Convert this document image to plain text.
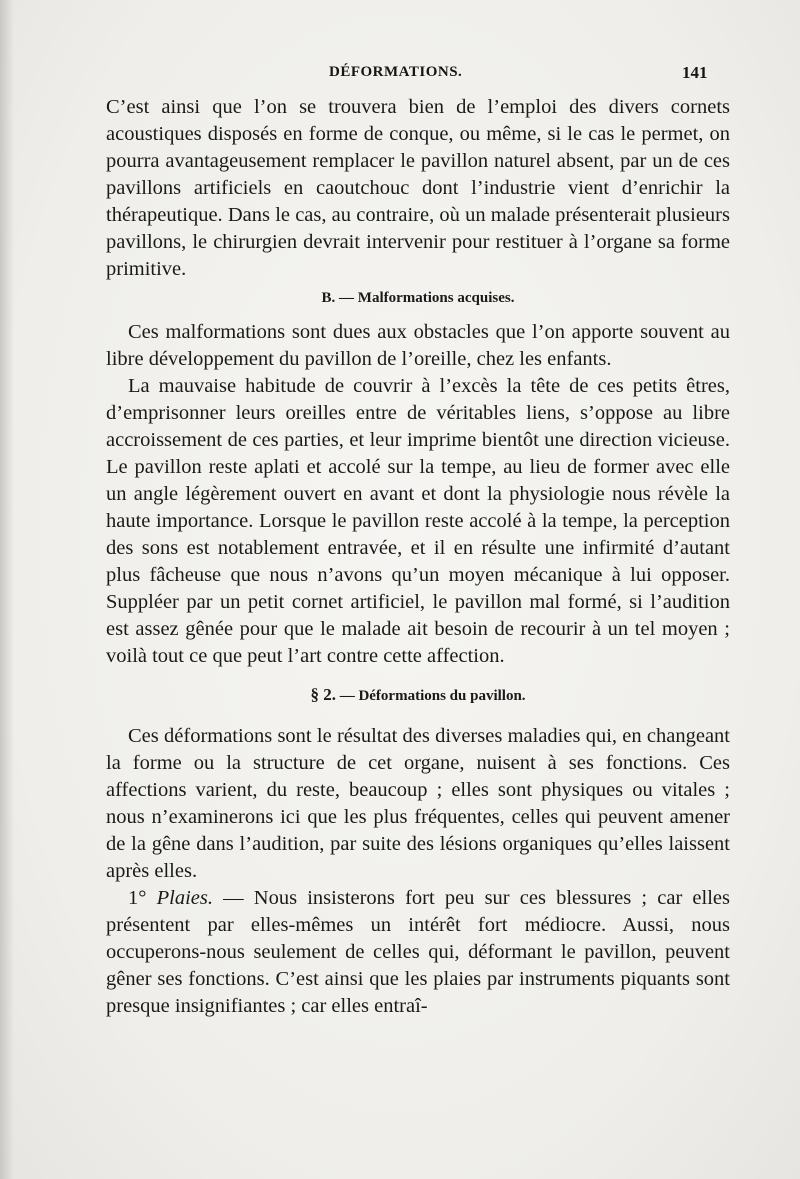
DÉFORMATIONS.	141

C’est ainsi que l’on se trouvera bien de l’emploi des divers cornets acoustiques disposés en forme de conque, ou même, si le cas le permet, on pourra avantageusement remplacer le pavillon naturel absent, par un de ces pavillons artificiels en caoutchouc dont l’industrie vient d’enrichir la thérapeutique. Dans le cas, au contraire, où un malade présenterait plusieurs pavillons, le chirurgien devrait intervenir pour restituer à l’organe sa forme primitive.

B. — Malformations acquises.

Ces malformations sont dues aux obstacles que l’on apporte souvent au libre développement du pavillon de l’oreille, chez les enfants.

La mauvaise habitude de couvrir à l’excès la tête de ces petits êtres, d’emprisonner leurs oreilles entre de véritables liens, s’oppose au libre accroissement de ces parties, et leur imprime bientôt une direction vicieuse. Le pavillon reste aplati et accolé sur la tempe, au lieu de former avec elle un angle légèrement ouvert en avant et dont la physiologie nous révèle la haute importance. Lorsque le pavillon reste accolé à la tempe, la perception des sons est notablement entravée, et il en résulte une infirmité d’autant plus fâcheuse que nous n’avons qu’un moyen mécanique à lui opposer. Suppléer par un petit cornet artificiel, le pavillon mal formé, si l’audition est assez gênée pour que le malade ait besoin de recourir à un tel moyen ; voilà tout ce que peut l’art contre cette affection.

§ 2. — Déformations du pavillon.

Ces déformations sont le résultat des diverses maladies qui, en changeant la forme ou la structure de cet organe, nuisent à ses fonctions. Ces affections varient, du reste, beaucoup ; elles sont physiques ou vitales ; nous n’examinerons ici que les plus fréquentes, celles qui peuvent amener de la gêne dans l’audition, par suite des lésions organiques qu’elles laissent après elles.

1° Plaies. — Nous insisterons fort peu sur ces blessures ; car elles présentent par elles-mêmes un intérêt fort médiocre. Aussi, nous occuperons-nous seulement de celles qui, déformant le pavillon, peuvent gêner ses fonctions. C’est ainsi que les plaies par instruments piquants sont presque insignifiantes ; car elles entraî-
